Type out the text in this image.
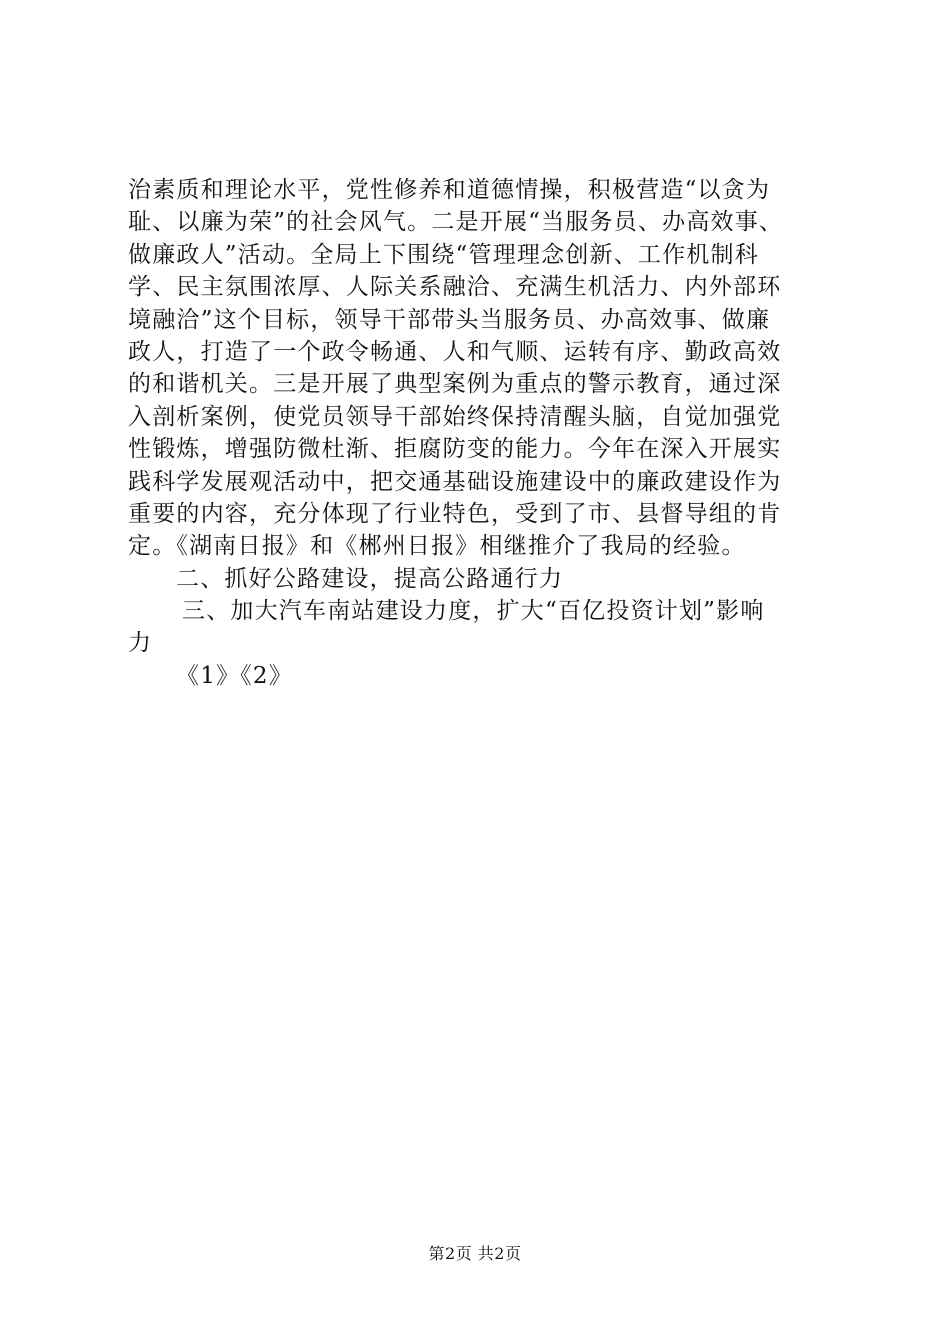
治素质和理论水平，党性修养和道德情操，积极营造“以贪为
耻、以廉为荣”的社会风气。二是开展“当服务员、办高效事、
做廉政人”活动。全局上下围绕“管理理念创新、工作机制科
学、民主氛围浓厚、人际关系融洽、充满生机活力、内外部环
境融洽”这个目标，领导干部带头当服务员、办高效事、做廉
政人，打造了一个政令畅通、人和气顺、运转有序、勤政高效
的和谐机关。三是开展了典型案例为重点的警示教育，通过深
入剖析案例，使党员领导干部始终保持清醒头脑，自觉加强党
性锻炼，增强防微杜渐、拒腐防变的能力。今年在深入开展实
践科学发展观活动中，把交通基础设施建设中的廉政建设作为
重要的内容，充分体现了行业特色，受到了市、县督导组的肯
定。《湖南日报》和《郴州日报》相继推介了我局的经验。
二、抓好公路建设，提高公路通行力
三、加大汽车南站建设力度，扩大“百亿投资计划”影响
力
《1》《2》
第2页 共2页
